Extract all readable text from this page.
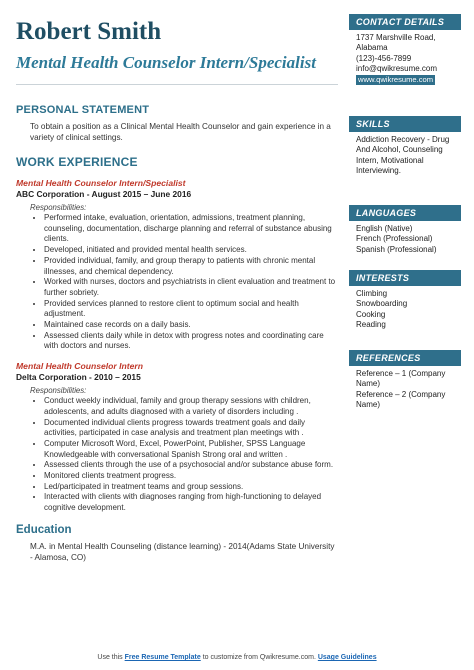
Robert Smith
Mental Health Counselor Intern/Specialist
PERSONAL STATEMENT
To obtain a position as a Clinical Mental Health Counselor and gain experience in a variety of clinical settings.
WORK EXPERIENCE
Mental Health Counselor Intern/Specialist
ABC Corporation - August 2015 – June 2016
Responsibilities:
• Performed intake, evaluation, orientation, admissions, treatment planning, counseling, documentation, discharge planning and referral of substance abusing clients.
• Developed, initiated and provided mental health services.
• Provided individual, family, and group therapy to patients with chronic mental illnesses, and chemical dependency.
• Worked with nurses, doctors and psychiatrists in client evaluation and treatment to further sobriety.
• Provided services planned to restore client to optimum social and health adjustment.
• Maintained case records on a daily basis.
• Assessed clients daily while in detox with progress notes and coordinating care with doctors and nurses.
Mental Health Counselor Intern
Delta Corporation - 2010 – 2015
Responsibilities:
• Conduct weekly individual, family and group therapy sessions with children, adolescents, and adults diagnosed with a variety of disorders including .
• Documented individual clients progress towards treatment goals and daily activities, participated in case analysis and treatment plan meetings with .
• Computer Microsoft Word, Excel, PowerPoint, Publisher, SPSS Language Knowledgeable with conversational Spanish Strong oral and written .
• Assessed clients through the use of a psychosocial and/or substance abuse form.
• Monitored clients treatment progress.
• Led/participated in treatment teams and group sessions.
• Interacted with clients with diagnoses ranging from high-functioning to delayed cognitive development.
Education
M.A. in Mental Health Counseling (distance learning) - 2014(Adams State University - Alamosa, CO)
CONTACT DETAILS
1737 Marshville Road,
Alabama
(123)-456-7899
info@qwikresume.com
www.qwikresume.com
SKILLS
Addiction Recovery - Drug And Alcohol, Counseling Intern, Motivational Interviewing.
LANGUAGES
English (Native)
French (Professional)
Spanish (Professional)
INTERESTS
Climbing
Snowboarding
Cooking
Reading
REFERENCES
Reference – 1 (Company Name)
Reference – 2 (Company Name)
Use this Free Resume Template to customize from Qwikresume.com. Usage Guidelines
